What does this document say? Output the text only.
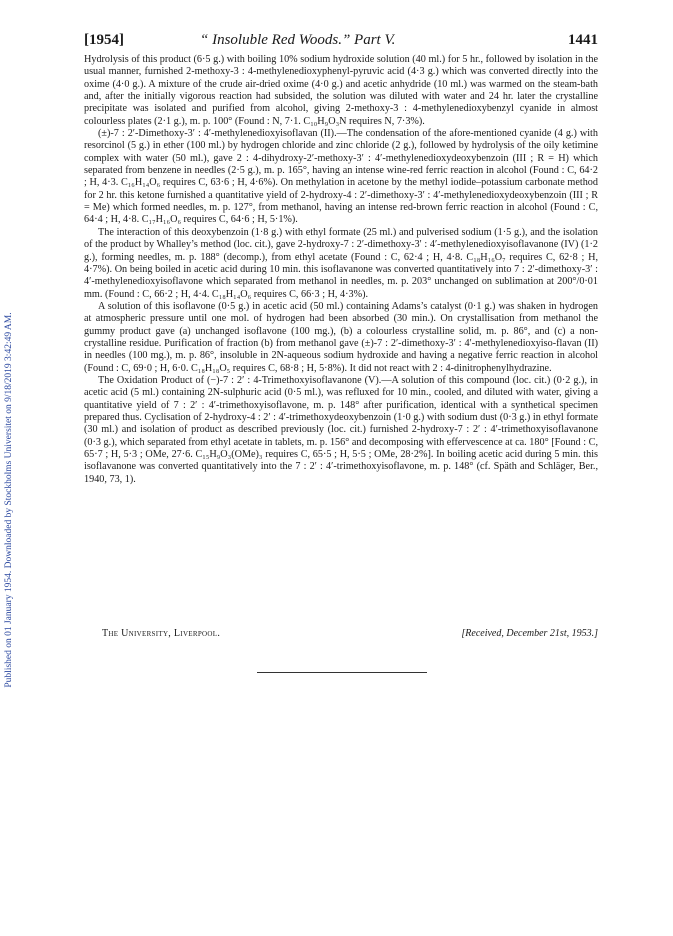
Published on 01 January 1954. Downloaded by Stockholms Universitet on 9/18/2019 3:42:49 AM.
[1954]	“ Insoluble Red Woods.” Part V.	1441

Hydrolysis of this product (6·5 g.) with boiling 10% sodium hydroxide solution (40 ml.) for 5 hr., followed by isolation in the usual manner, furnished 2-methoxy-3 : 4-methylenedioxyphenyl-pyruvic acid (4·3 g.) which was converted directly into the oxime (4·0 g.). A mixture of the crude air-dried oxime (4·0 g.) and acetic anhydride (10 ml.) was warmed on the steam-bath and, after the initially vigorous reaction had subsided, the solution was diluted with water and 24 hr. later the crystalline precipitate was isolated and purified from alcohol, giving 2-methoxy-3 : 4-methylenedioxybenzyl cyanide in almost colourless plates (2·1 g.), m. p. 100° (Found : N, 7·1. C₁₀H₉O₃N requires N, 7·3%).

(±)-7 : 2′-Dimethoxy-3′ : 4′-methylenedioxyisoflavan (II).—The condensation of the afore-mentioned cyanide (4 g.) with resorcinol (5 g.) in ether (100 ml.) by hydrogen chloride and zinc chloride (2 g.), followed by hydrolysis of the oily ketimine complex with water (50 ml.), gave 2 : 4-dihydroxy-2′-methoxy-3′ : 4′-methylenedioxydeoxybenzoin (III ; R = H) which separated from benzene in needles (2·5 g.), m. p. 165°, having an intense wine-red ferric reaction in alcohol (Found : C, 64·2 ; H, 4·3. C₁₆H₁₄O₆ requires C, 63·6 ; H, 4·6%). On methylation in acetone by the methyl iodide–potassium carbonate method for 2 hr. this ketone furnished a quantitative yield of 2-hydroxy-4 : 2′-dimethoxy-3′ : 4′-methylenedioxydeoxybenzoin (III ; R = Me) which formed needles, m. p. 127°, from methanol, having an intense red-brown ferric reaction in alcohol (Found : C, 64·4 ; H, 4·8. C₁₇H₁₆O₆ requires C, 64·6 ; H, 5·1%).

The interaction of this deoxybenzoin (1·8 g.) with ethyl formate (25 ml.) and pulverised sodium (1·5 g.), and the isolation of the product by Whalley’s method (loc. cit.), gave 2-hydroxy-7 : 2′-dimethoxy-3′ : 4′-methylenedioxyisoflavanone (IV) (1·2 g.), forming needles, m. p. 188° (decomp.), from ethyl acetate (Found : C, 62·4 ; H, 4·8. C₁₈H₁₆O₇ requires C, 62·8 ; H, 4·7%). On being boiled in acetic acid during 10 min. this isoflavanone was converted quantitatively into 7 : 2′-dimethoxy-3′ : 4′-methylenedioxyisoflavone which separated from methanol in needles, m. p. 203° unchanged on sublimation at 200°/0·01 mm. (Found : C, 66·2 ; H, 4·4. C₁₈H₁₄O₆ requires C, 66·3 ; H, 4·3%).

A solution of this isoflavone (0·5 g.) in acetic acid (50 ml.) containing Adams’s catalyst (0·1 g.) was shaken in hydrogen at atmospheric pressure until one mol. of hydrogen had been absorbed (30 min.). On crystallisation from methanol the gummy product gave (a) unchanged isoflavone (100 mg.), (b) a colourless crystalline solid, m. p. 86°, and (c) a non-crystalline residue. Purification of fraction (b) from methanol gave (±)-7 : 2′-dimethoxy-3′ : 4′-methylenedioxyiso-flavan (II) in needles (100 mg.), m. p. 86°, insoluble in 2N-aqueous sodium hydroxide and having a negative ferric reaction in alcohol (Found : C, 69·0 ; H, 6·0. C₁₈H₁₈O₅ requires C, 68·8 ; H, 5·8%). It did not react with 2 : 4-dinitrophenylhydrazine.

The Oxidation Product of (−)-7 : 2′ : 4-Trimethoxyisoflavanone (V).—A solution of this compound (loc. cit.) (0·2 g.), in acetic acid (5 ml.) containing 2N-sulphuric acid (0·5 ml.), was refluxed for 10 min., cooled, and diluted with water, giving a quantitative yield of 7 : 2′ : 4′-trimethoxyisoflavone, m. p. 148° after purification, identical with a synthetical specimen prepared thus. Cyclisation of 2-hydroxy-4 : 2′ : 4′-trimethoxydeoxybenzoin (1·0 g.) with sodium dust (0·3 g.) in ethyl formate (30 ml.) and isolation of product as described previously (loc. cit.) furnished 2-hydroxy-7 : 2′ : 4′-trimethoxyisoflavanone (0·3 g.), which separated from ethyl acetate in tablets, m. p. 156° and decomposing with effervescence at ca. 180° [Found : C, 65·7 ; H, 5·3 ; OMe, 27·6. C₁₅H₉O₃(OMe)₃ requires C, 65·5 ; H, 5·5 ; OMe, 28·2%]. In boiling acetic acid during 5 min. this isoflavanone was converted quantitatively into the 7 : 2′ : 4′-trimethoxyisoflavone, m. p. 148° (cf. Späth and Schläger, Ber., 1940, 73, 1).

The University, Liverpool.	[Received, December 21st, 1953.]
